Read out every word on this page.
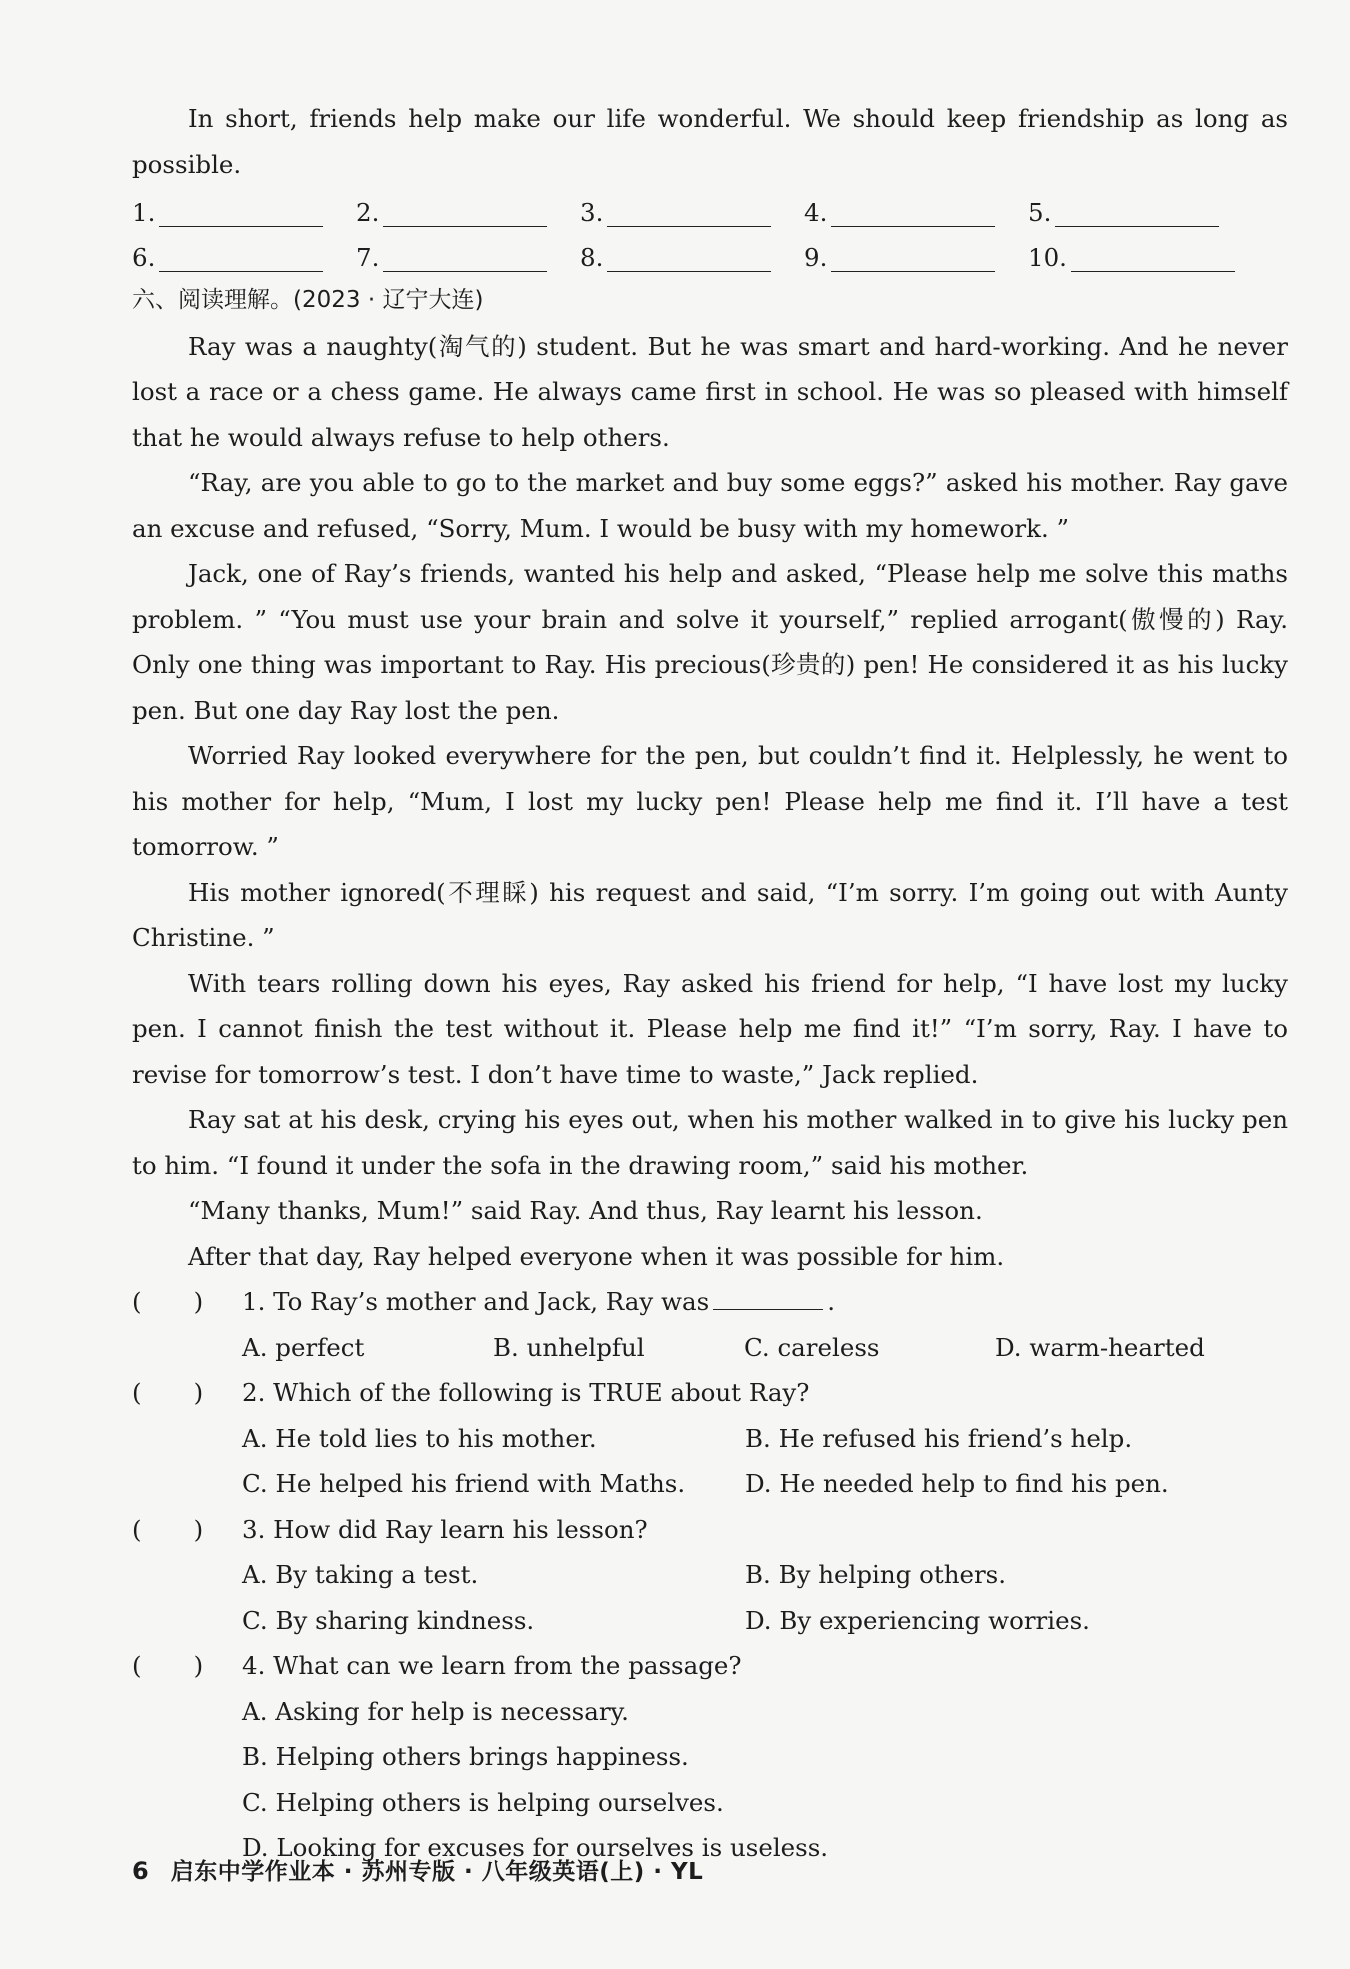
In short, friends help make our life wonderful. We should keep friendship as long as possible.

1.	2.	3.	4.	5.
6.	7.	8.	9.	10.

六、阅读理解。(2023 · 辽宁大连)

Ray was a naughty(淘气的) student. But he was smart and hard-working. And he never lost a race or a chess game. He always came first in school. He was so pleased with himself that he would always refuse to help others.

“Ray, are you able to go to the market and buy some eggs?” asked his mother. Ray gave an excuse and refused, “Sorry, Mum. I would be busy with my homework. ”

Jack, one of Ray’s friends, wanted his help and asked, “Please help me solve this maths problem. ” “You must use your brain and solve it yourself,” replied arrogant(傲慢的) Ray. Only one thing was important to Ray. His precious(珍贵的) pen! He considered it as his lucky pen. But one day Ray lost the pen.

Worried Ray looked everywhere for the pen, but couldn’t find it. Helplessly, he went to his mother for help, “Mum, I lost my lucky pen! Please help me find it. I’ll have a test tomorrow. ”

His mother ignored(不理睬) his request and said, “I’m sorry. I’m going out with Aunty Christine. ”

With tears rolling down his eyes, Ray asked his friend for help, “I have lost my lucky pen. I cannot finish the test without it. Please help me find it!” “I’m sorry, Ray. I have to revise for tomorrow’s test. I don’t have time to waste,” Jack replied.

Ray sat at his desk, crying his eyes out, when his mother walked in to give his lucky pen to him. “I found it under the sofa in the drawing room,” said his mother.

“Many thanks, Mum!” said Ray. And thus, Ray learnt his lesson.

After that day, Ray helped everyone when it was possible for him.

( )	1. To Ray’s mother and Jack, Ray was	.
A. perfect	B. unhelpful	C. careless	D. warm-hearted
( )	2. Which of the following is TRUE about Ray?
A. He told lies to his mother.	B. He refused his friend’s help.
C. He helped his friend with Maths.	D. He needed help to find his pen.
( )	3. How did Ray learn his lesson?
A. By taking a test.	B. By helping others.
C. By sharing kindness.	D. By experiencing worries.
( )	4. What can we learn from the passage?
A. Asking for help is necessary.
B. Helping others brings happiness.
C. Helping others is helping ourselves.
D. Looking for excuses for ourselves is useless.
6 启东中学作业本 · 苏州专版 · 八年级英语(上) · YL
